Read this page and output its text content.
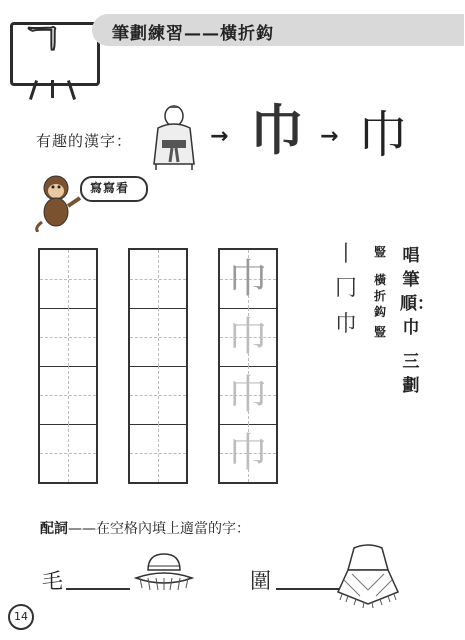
ㄱ	筆劃練習——橫折鈎
有趣的漢字：	→ 巾 → 巾
寫寫看
巾
巾
巾
巾
丨
冂
巾
豎
橫折鈎
豎
唱筆順：巾
三劃
配詞——在空格內填上適當的字：
毛	圍
14
